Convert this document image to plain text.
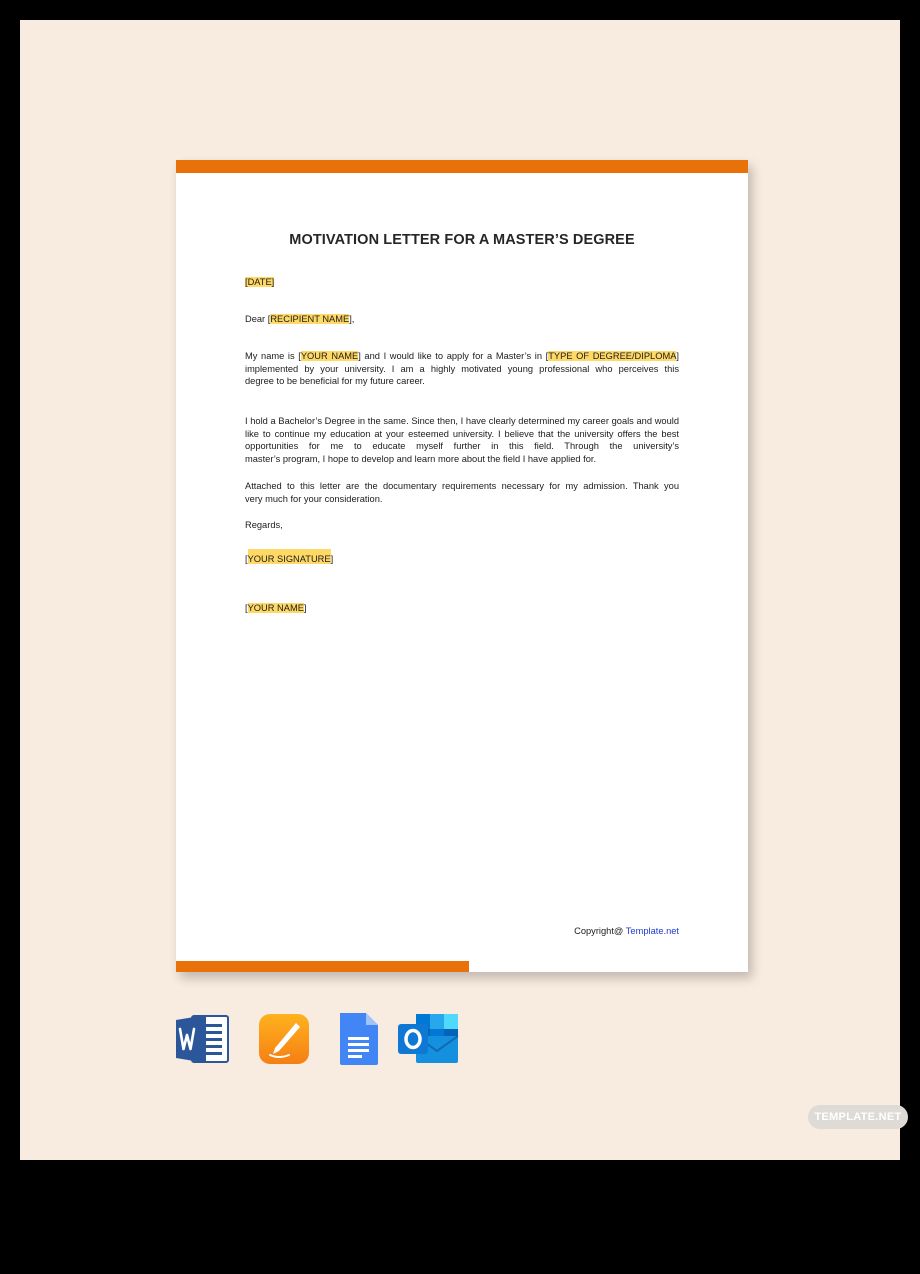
MOTIVATION LETTER FOR A MASTER’S DEGREE
[DATE]
Dear [RECIPIENT NAME],
My name is [YOUR NAME] and I would like to apply for a Master’s in [TYPE OF DEGREE/DIPLOMA] implemented by your university. I am a highly motivated young professional who perceives this
degree to be beneficial for my future career.
I hold a Bachelor’s Degree in the same. Since then, I have clearly determined my career goals and would like to continue my education at your esteemed university. I believe that the university offers the best opportunities for me to educate myself further in this field. Through the university’s
master’s program, I hope to develop and learn more about the field I have applied for.
Attached to this letter are the documentary requirements necessary for my admission. Thank you
very much for your consideration.
Regards,
[YOUR SIGNATURE]
[YOUR NAME]
Copyright@ Template.net
TEMPLATE.NET
